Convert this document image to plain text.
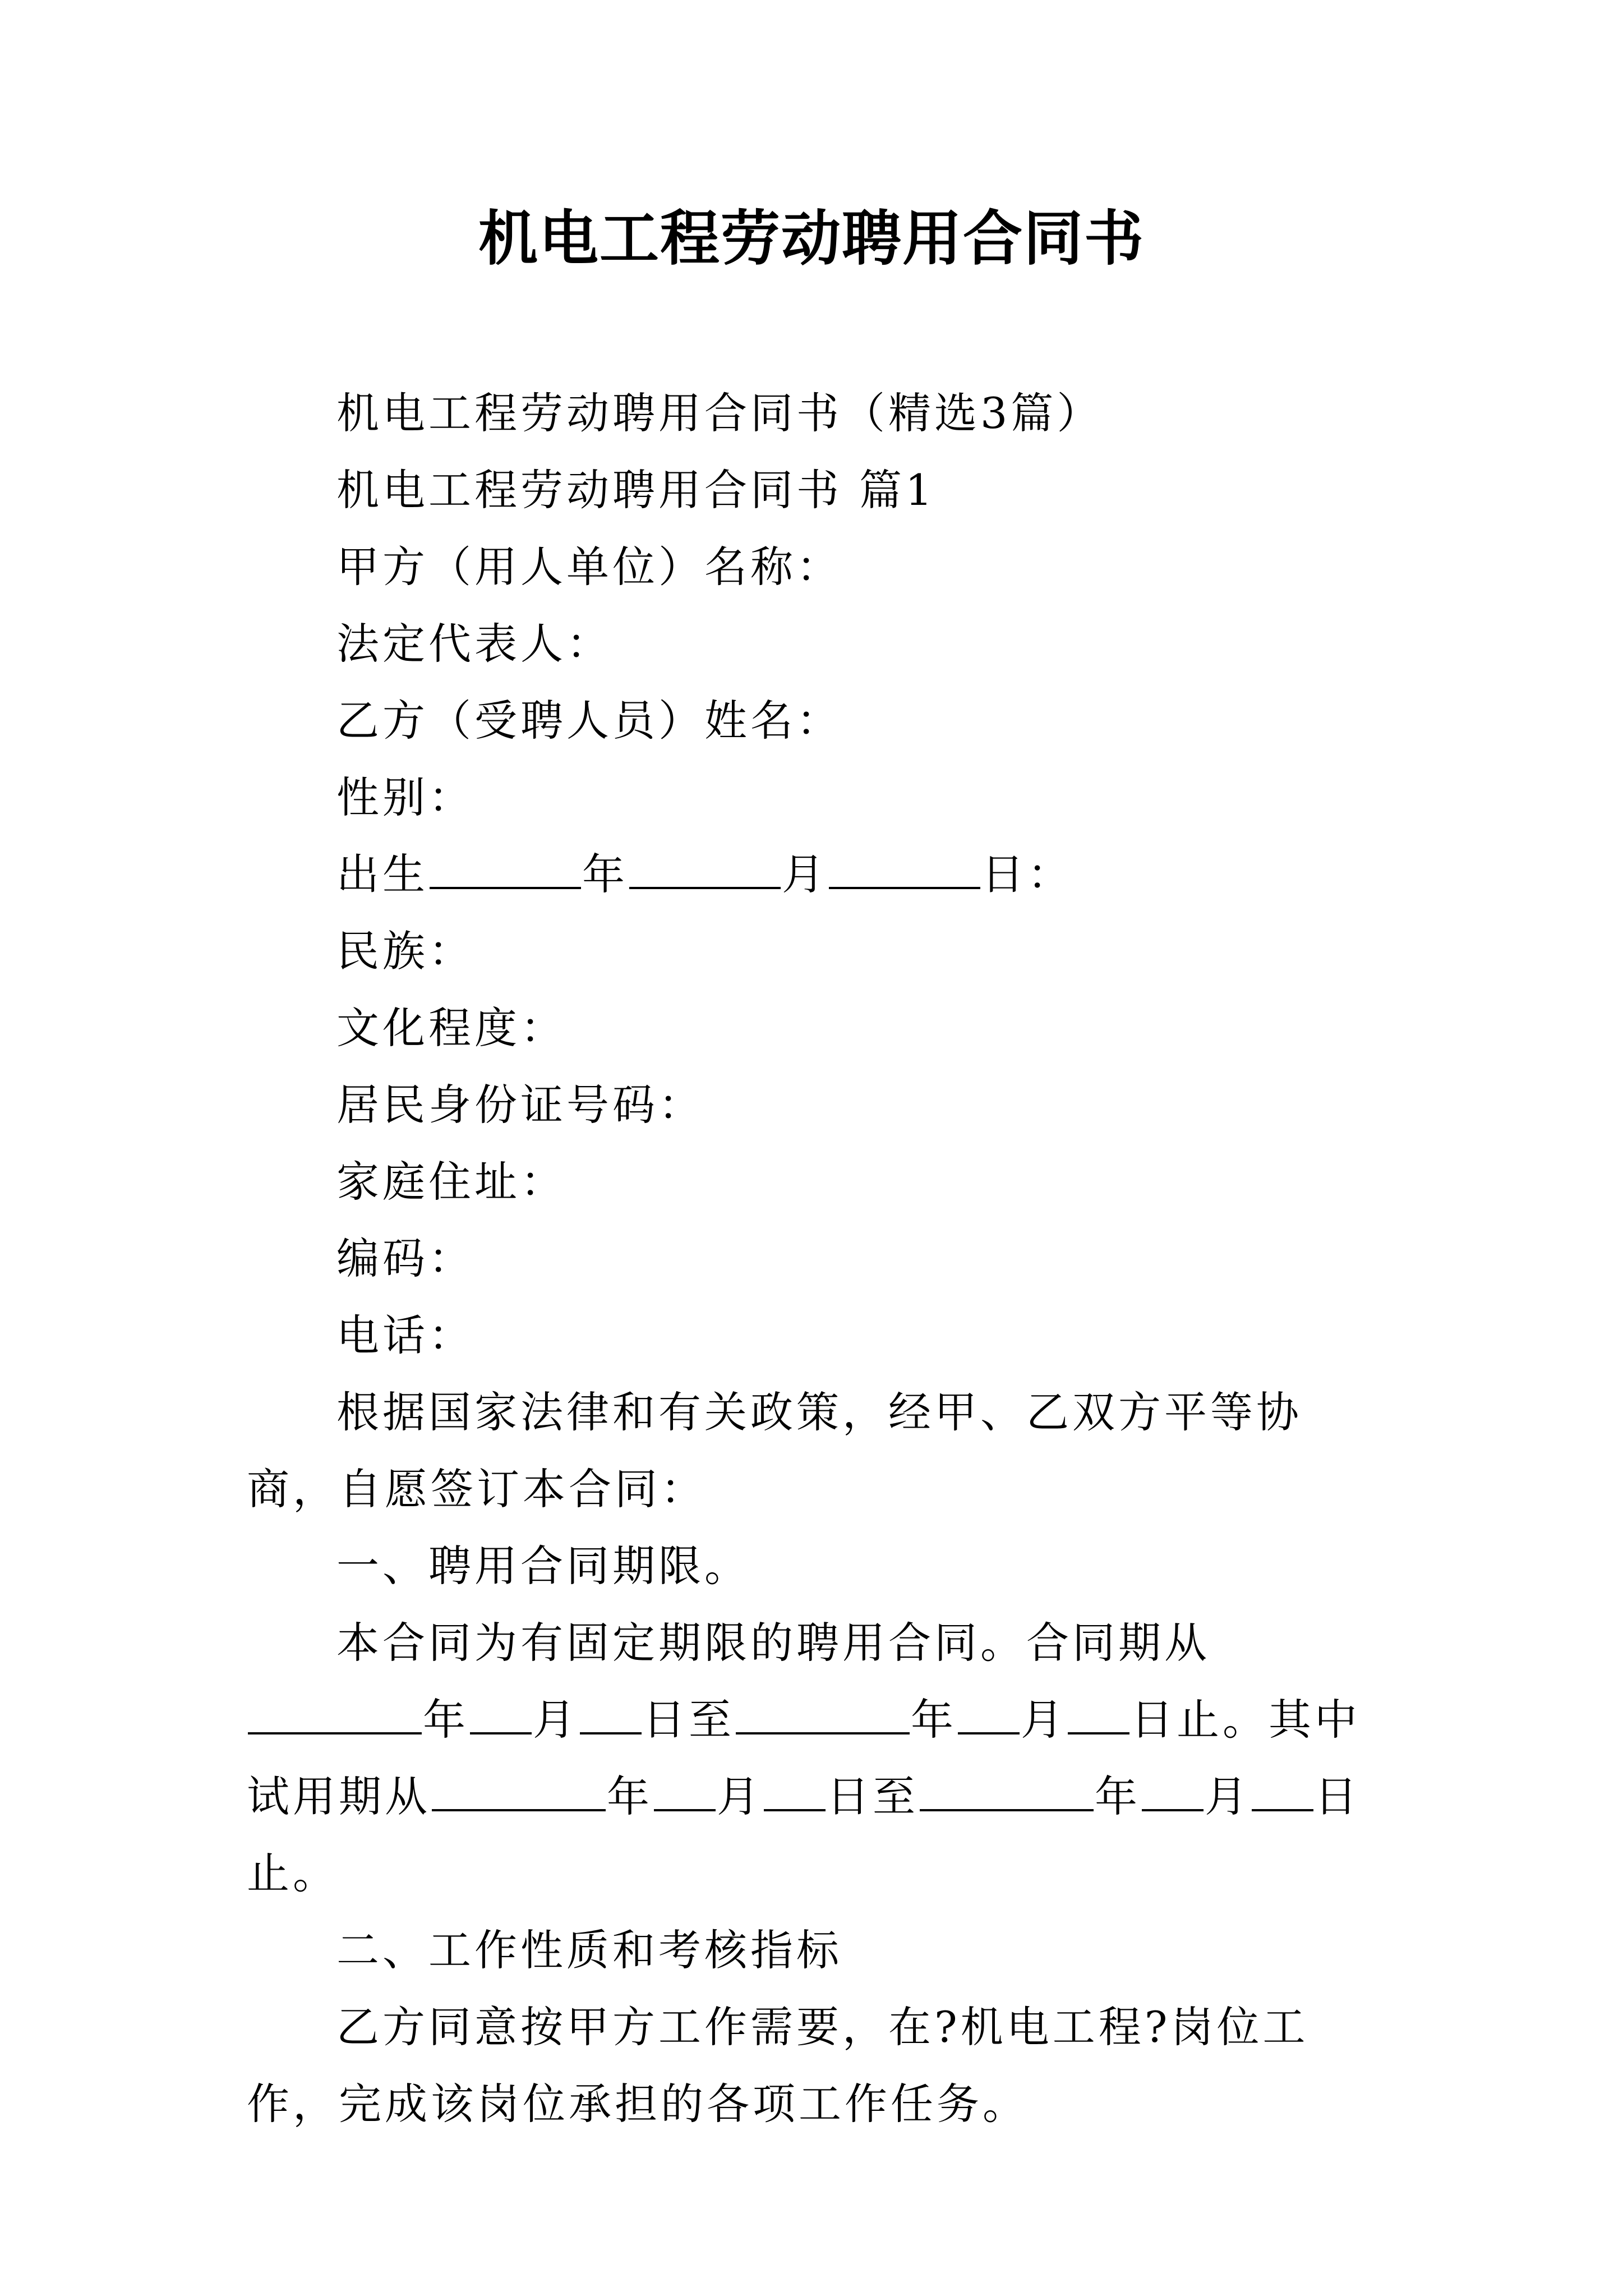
机电工程劳动聘用合同书

机电工程劳动聘用合同书（精选3篇）

机电工程劳动聘用合同书 篇1

甲方（用人单位）名称：

法定代表人：

乙方（受聘人员）姓名：

性别：

出生	年	月	日：

民族：

文化程度：

居民身份证号码：

家庭住址：

编码：

电话：

根据国家法律和有关政策，经甲、乙双方平等协商，自愿签订本合同：

一、聘用合同期限。

本合同为有固定期限的聘用合同。合同期从年 月 日至	年 月 日止。其中试用期从	年 月 日至	年 月 日止。

二、工作性质和考核指标

乙方同意按甲方工作需要，在?机电工程?岗位工作，完成该岗位承担的各项工作任务。
